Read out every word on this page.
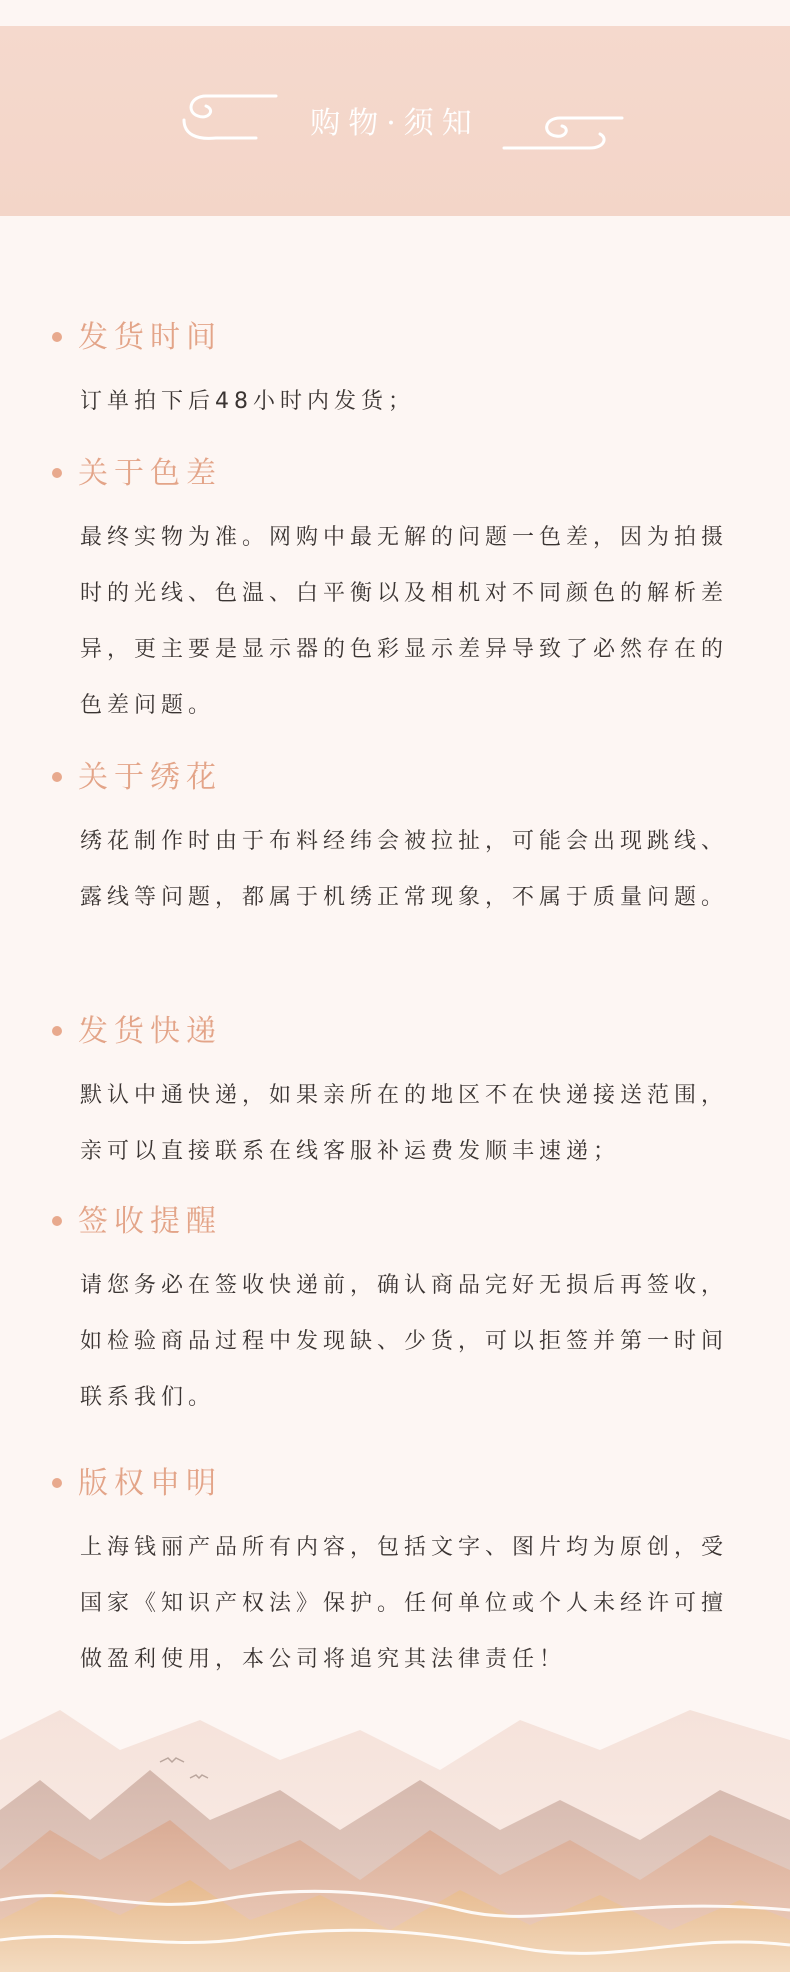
购物·须知
发货时间
订单拍下后48小时内发货；
关于色差
最终实物为准。网购中最无解的问题一色差，因为拍摄时的光线、色温、白平衡以及相机对不同颜色的解析差异，更主要是显示器的色彩显示差异导致了必然存在的色差问题。
关于绣花
绣花制作时由于布料经纬会被拉扯，可能会出现跳线、露线等问题，都属于机绣正常现象，不属于质量问题。
发货快递
默认中通快递，如果亲所在的地区不在快递接送范围，亲可以直接联系在线客服补运费发顺丰速递；
签收提醒
请您务必在签收快递前，确认商品完好无损后再签收，如检验商品过程中发现缺、少货，可以拒签并第一时间联系我们。
版权申明
上海钱丽产品所有内容，包括文字、图片均为原创，受国家《知识产权法》保护。任何单位或个人未经许可擅做盈利使用，本公司将追究其法律责任！
